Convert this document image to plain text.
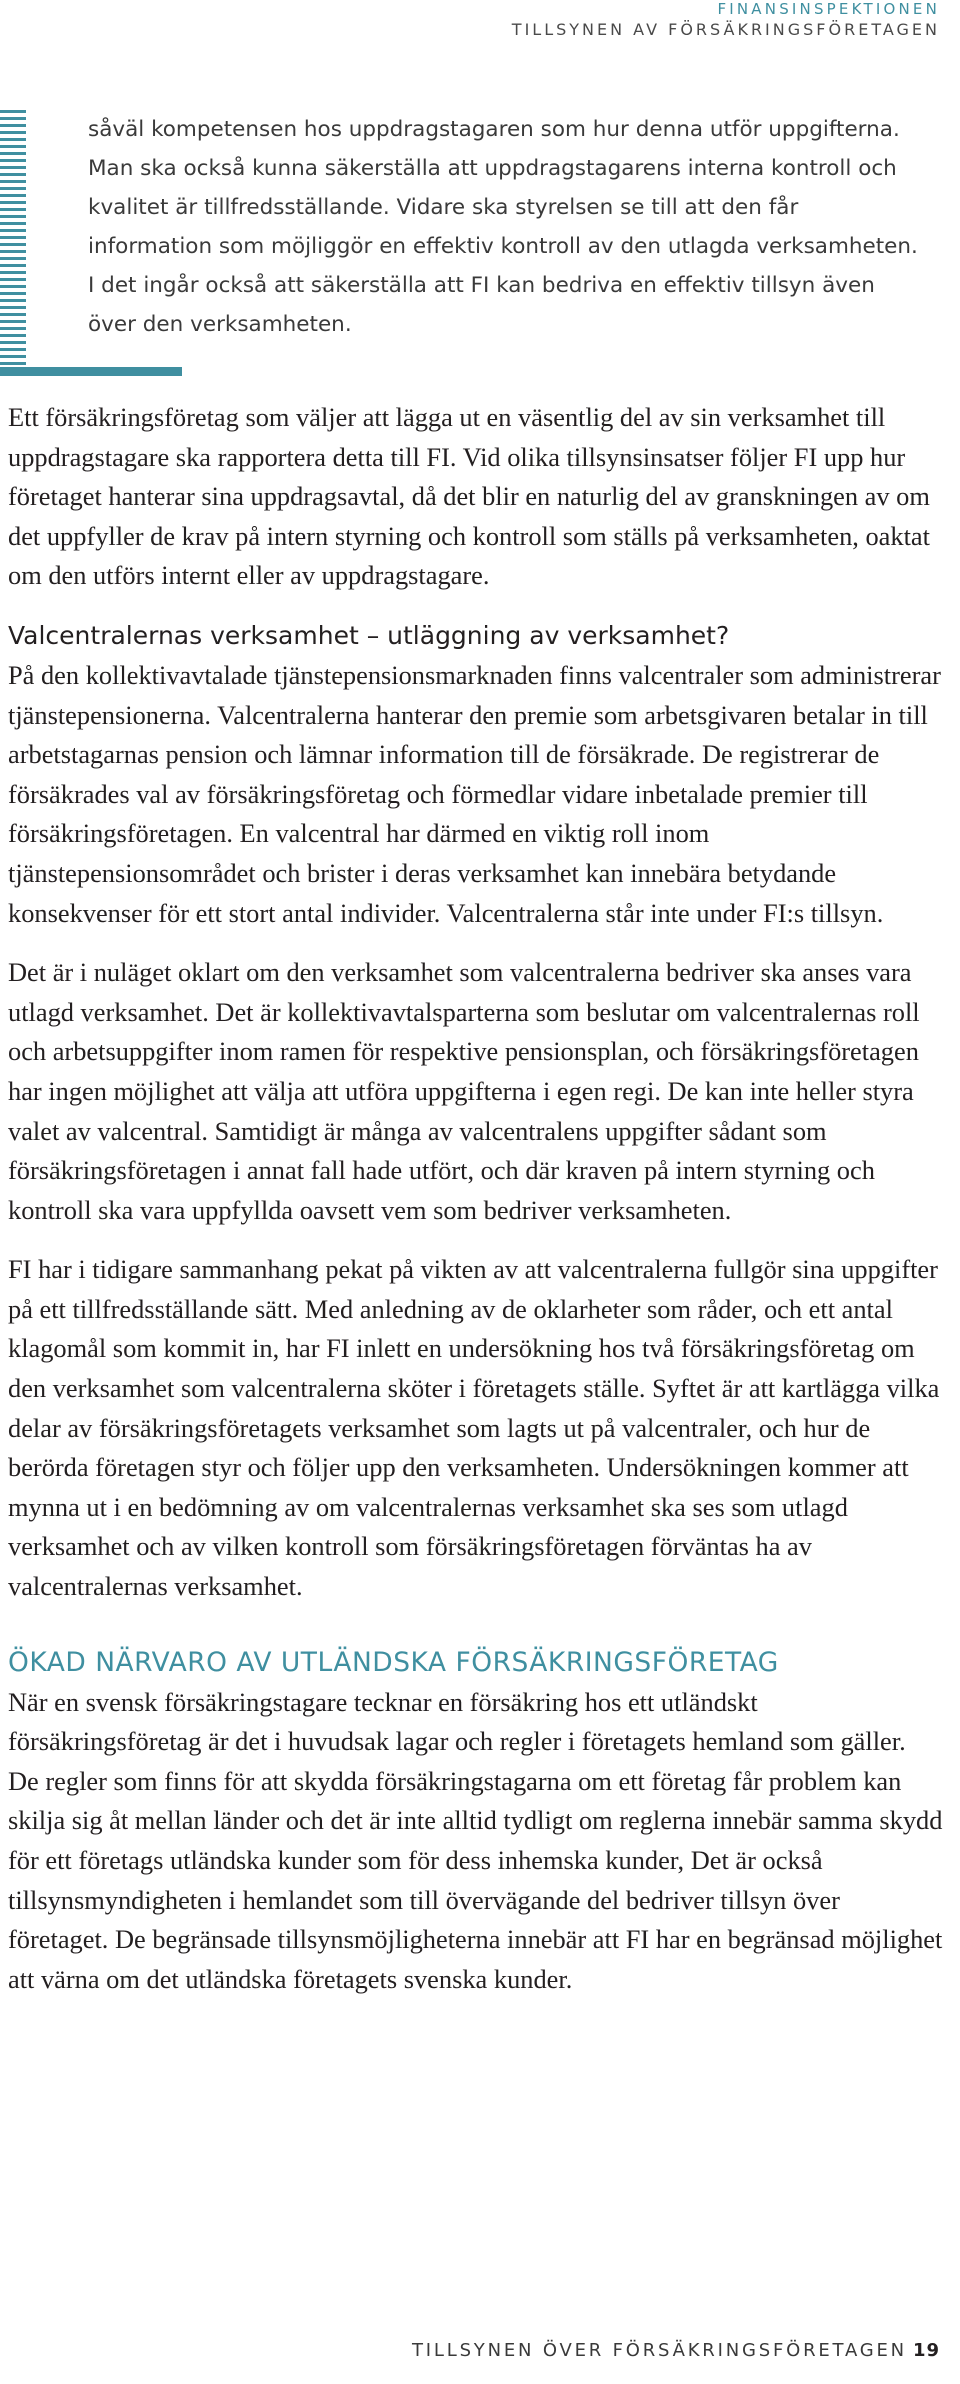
FINANSINSPEKTIONEN
TILLSYNEN AV FÖRSÄKRINGSFÖRETAGEN

såväl kompetensen hos uppdragstagaren som hur denna utför uppgifterna. Man ska också kunna säkerställa att uppdragstagarens interna kontroll och kvalitet är tillfredsställande. Vidare ska styrelsen se till att den får information som möjliggör en effektiv kontroll av den utlagda verksamheten. I det ingår också att säkerställa att FI kan bedriva en effektiv tillsyn även över den verksamheten.

Ett försäkringsföretag som väljer att lägga ut en väsentlig del av sin verksamhet till uppdragstagare ska rapportera detta till FI. Vid olika tillsynsinsatser följer FI upp hur företaget hanterar sina uppdragsavtal, då det blir en naturlig del av granskningen av om det uppfyller de krav på intern styrning och kontroll som ställs på verksamheten, oaktat om den utförs internt eller av uppdragstagare.

Valcentralernas verksamhet – utläggning av verksamhet?

På den kollektivavtalade tjänstepensionsmarknaden finns valcentraler som administrerar tjänstepensionerna. Valcentralerna hanterar den premie som arbetsgivaren betalar in till arbetstagarnas pension och lämnar information till de försäkrade. De registrerar de försäkrades val av försäkringsföretag och förmedlar vidare inbetalade premier till försäkringsföretagen. En valcentral har därmed en viktig roll inom tjänstepensionsområdet och brister i deras verksamhet kan innebära betydande konsekvenser för ett stort antal individer. Valcentralerna står inte under FI:s tillsyn.

Det är i nuläget oklart om den verksamhet som valcentralerna bedriver ska anses vara utlagd verksamhet. Det är kollektivavtalsparterna som beslutar om valcentralernas roll och arbetsuppgifter inom ramen för respektive pensionsplan, och försäkringsföretagen har ingen möjlighet att välja att utföra uppgifterna i egen regi. De kan inte heller styra valet av valcentral. Samtidigt är många av valcentralens uppgifter sådant som försäkringsföretagen i annat fall hade utfört, och där kraven på intern styrning och kontroll ska vara uppfyllda oavsett vem som bedriver verksamheten.

FI har i tidigare sammanhang pekat på vikten av att valcentralerna fullgör sina uppgifter på ett tillfredsställande sätt. Med anledning av de oklarheter som råder, och ett antal klagomål som kommit in, har FI inlett en undersökning hos två försäkringsföretag om den verksamhet som valcentralerna sköter i företagets ställe. Syftet är att kartlägga vilka delar av försäkringsföretagets verksamhet som lagts ut på valcentraler, och hur de berörda företagen styr och följer upp den verksamheten. Undersökningen kommer att mynna ut i en bedömning av om valcentralernas verksamhet ska ses som utlagd verksamhet och av vilken kontroll som försäkringsföretagen förväntas ha av valcentralernas verksamhet.

ÖKAD NÄRVARO AV UTLÄNDSKA FÖRSÄKRINGSFÖRETAG

När en svensk försäkringstagare tecknar en försäkring hos ett utländskt försäkringsföretag är det i huvudsak lagar och regler i företagets hemland som gäller. De regler som finns för att skydda försäkringstagarna om ett företag får problem kan skilja sig åt mellan länder och det är inte alltid tydligt om reglerna innebär samma skydd för ett företags utländska kunder som för dess inhemska kunder, Det är också tillsynsmyndigheten i hemlandet som till övervägande del bedriver tillsyn över företaget. De begränsade tillsynsmöjligheterna innebär att FI har en begränsad möjlighet att värna om det utländska företagets svenska kunder.

TILLSYNEN ÖVER FÖRSÄKRINGSFÖRETAGEN 19
